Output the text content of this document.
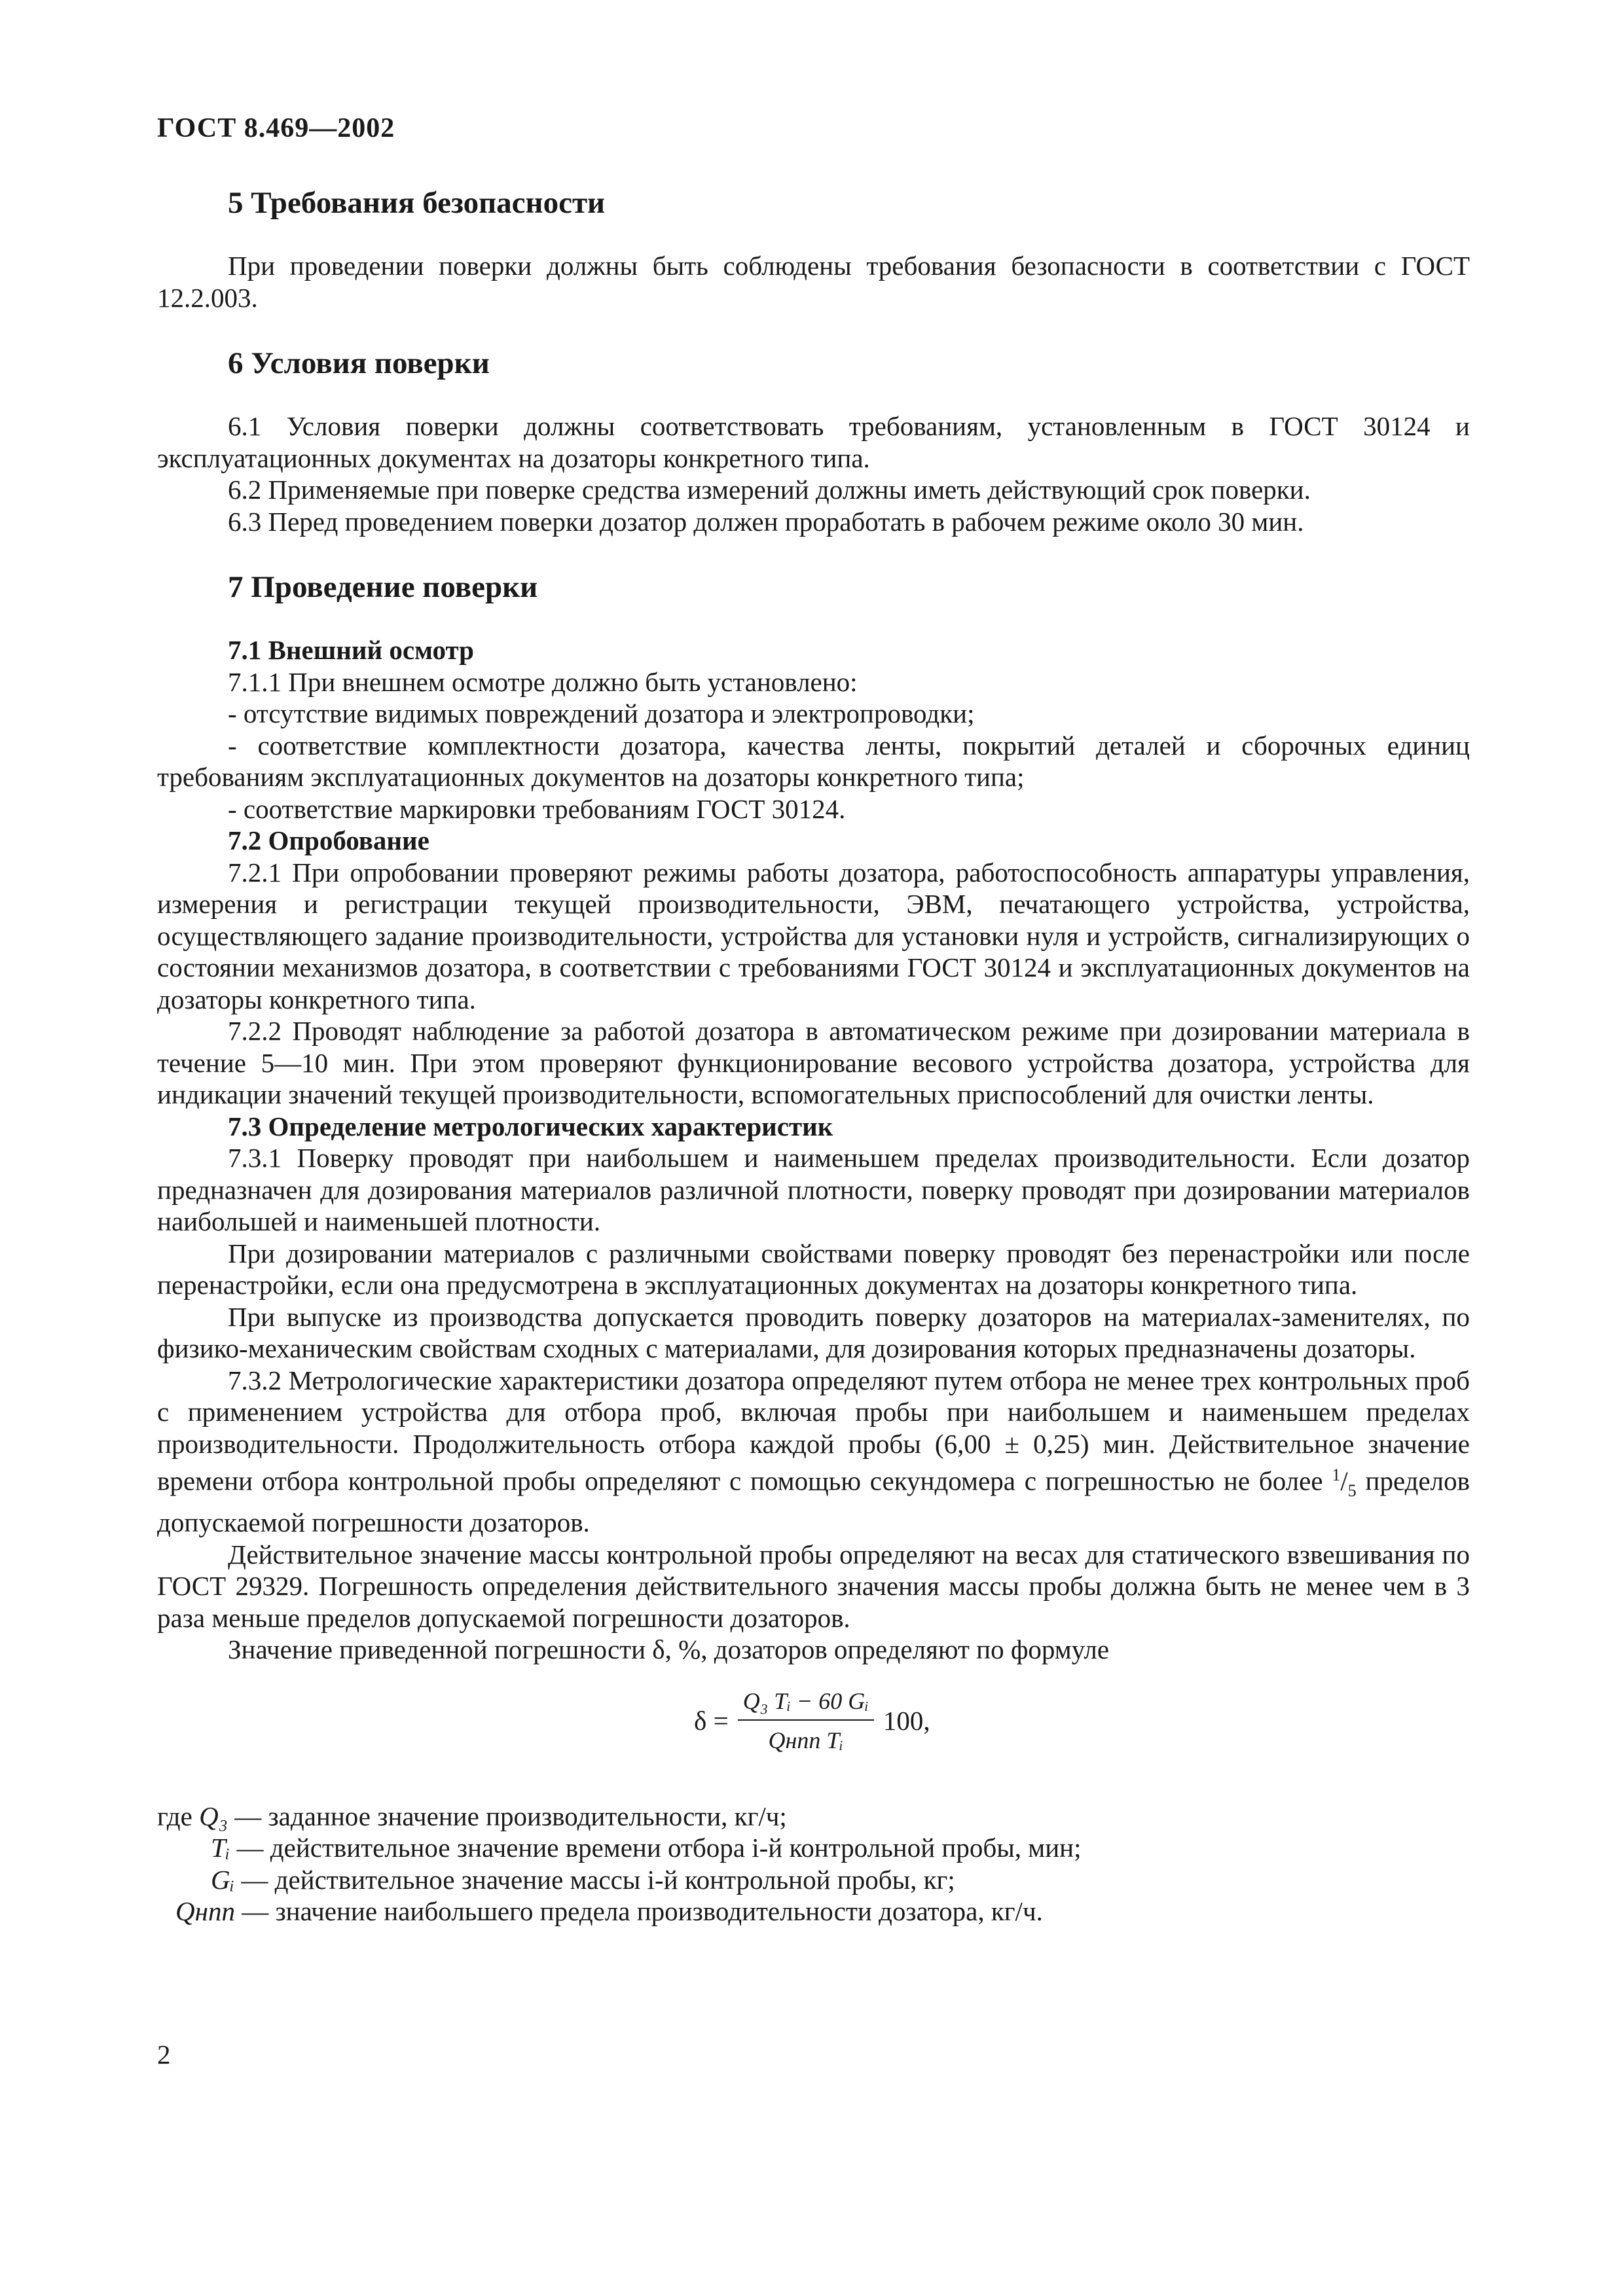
ГОСТ 8.469—2002
5 Требования безопасности

При проведении поверки должны быть соблюдены требования безопасности в соответствии с ГОСТ 12.2.003.

6 Условия поверки

6.1 Условия поверки должны соответствовать требованиям, установленным в ГОСТ 30124 и эксплуатационных документах на дозаторы конкретного типа.

6.2 Применяемые при поверке средства измерений должны иметь действующий срок поверки.

6.3 Перед проведением поверки дозатор должен проработать в рабочем режиме около 30 мин.

7 Проведение поверки
7.1 Внешний осмотр

7.1.1 При внешнем осмотре должно быть установлено:

- отсутствие видимых повреждений дозатора и электропроводки;

- соответствие комплектности дозатора, качества ленты, покрытий деталей и сборочных единиц требованиям эксплуатационных документов на дозаторы конкретного типа;

- соответствие маркировки требованиям ГОСТ 30124.

7.2 Опробование

7.2.1 При опробовании проверяют режимы работы дозатора, работоспособность аппаратуры управления, измерения и регистрации текущей производительности, ЭВМ, печатающего устройства, устройства, осуществляющего задание производительности, устройства для установки нуля и устройств, сигнализирующих о состоянии механизмов дозатора, в соответствии с требованиями ГОСТ 30124 и эксплуатационных документов на дозаторы конкретного типа.

7.2.2 Проводят наблюдение за работой дозатора в автоматическом режиме при дозировании материала в течение 5—10 мин. При этом проверяют функционирование весового устройства дозатора, устройства для индикации значений текущей производительности, вспомогательных приспособлений для очистки ленты.

7.3 Определение метрологических характеристик

7.3.1 Поверку проводят при наибольшем и наименьшем пределах производительности. Если дозатор предназначен для дозирования материалов различной плотности, поверку проводят при дозировании материалов наибольшей и наименьшей плотности.

При дозировании материалов с различными свойствами поверку проводят без перенастройки или после перенастройки, если она предусмотрена в эксплуатационных документах на дозаторы конкретного типа.

При выпуске из производства допускается проводить поверку дозаторов на материалах-заменителях, по физико-механическим свойствам сходных с материалами, для дозирования которых предназначены дозаторы.

7.3.2 Метрологические характеристики дозатора определяют путем отбора не менее трех контрольных проб с применением устройства для отбора проб, включая пробы при наибольшем и наименьшем пределах производительности. Продолжительность отбора каждой пробы (6,00 ± 0,25) мин. Действительное значение времени отбора контрольной пробы определяют с помощью секундомера с погрешностью не более $^1/_5$ пределов допускаемой погрешности дозаторов.

Действительное значение массы контрольной пробы определяют на весах для статического взвешивания по ГОСТ 29329. Погрешность определения действительного значения массы пробы должна быть не менее чем в 3 раза меньше пределов допускаемой погрешности дозаторов.

Значение приведенной погрешности δ, %, дозаторов определяют по формуле

$\delta = \frac{\text{Q₃ Tᵢ − 60 Gᵢ}}{\text{Qнпп Tᵢ}} 100$,

где Q₃ — заданное значение производительности, кг/ч;

Tᵢ — действительное значение времени отбора i-й контрольной пробы, мин;

Gᵢ — действительное значение массы i-й контрольной пробы, кг;

Qнпп — значение наибольшего предела производительности дозатора, кг/ч.

2
